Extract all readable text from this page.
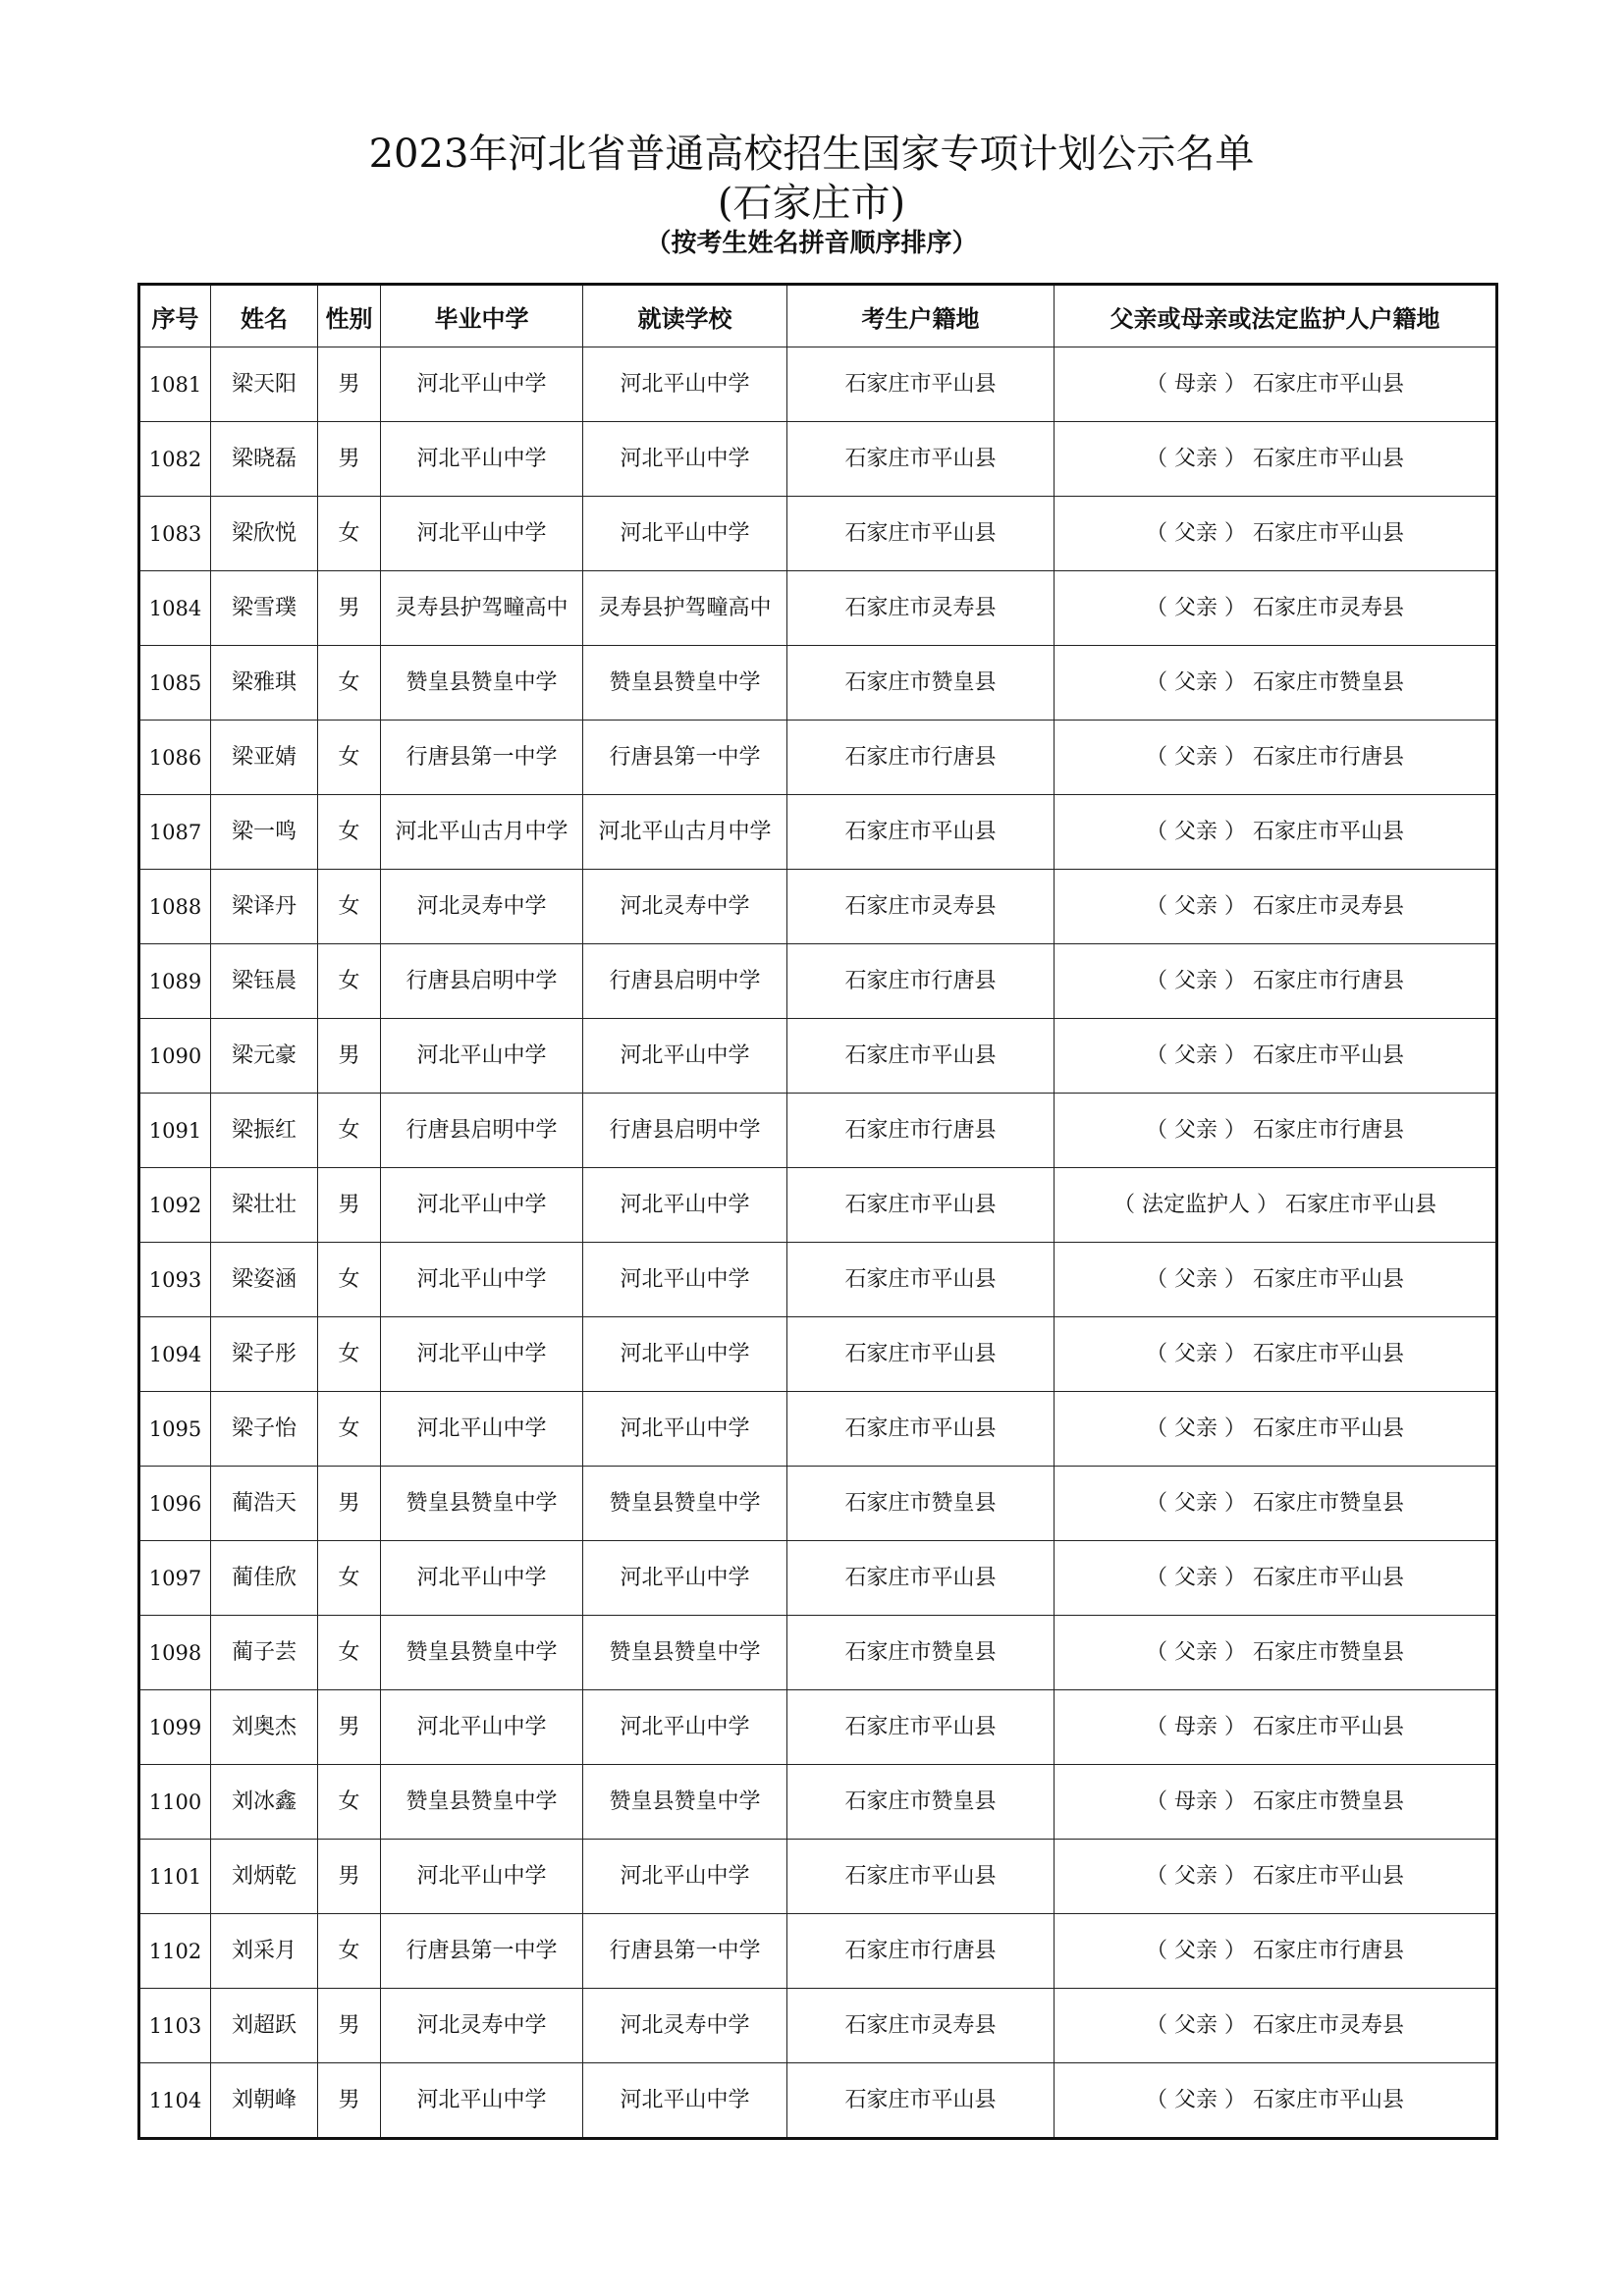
2023年河北省普通高校招生国家专项计划公示名单
(石家庄市)
（按考生姓名拼音顺序排序）
序号	姓名	性别	毕业中学	就读学校	考生户籍地	父亲或母亲或法定监护人户籍地
1081	梁天阳	男	河北平山中学	河北平山中学	石家庄市平山县	（ 母亲 ） 石家庄市平山县
1082	梁晓磊	男	河北平山中学	河北平山中学	石家庄市平山县	（ 父亲 ） 石家庄市平山县
1083	梁欣悦	女	河北平山中学	河北平山中学	石家庄市平山县	（ 父亲 ） 石家庄市平山县
1084	梁雪璞	男	灵寿县护驾疃高中	灵寿县护驾疃高中	石家庄市灵寿县	（ 父亲 ） 石家庄市灵寿县
1085	梁雅琪	女	赞皇县赞皇中学	赞皇县赞皇中学	石家庄市赞皇县	（ 父亲 ） 石家庄市赞皇县
1086	梁亚婧	女	行唐县第一中学	行唐县第一中学	石家庄市行唐县	（ 父亲 ） 石家庄市行唐县
1087	梁一鸣	女	河北平山古月中学	河北平山古月中学	石家庄市平山县	（ 父亲 ） 石家庄市平山县
1088	梁译丹	女	河北灵寿中学	河北灵寿中学	石家庄市灵寿县	（ 父亲 ） 石家庄市灵寿县
1089	梁钰晨	女	行唐县启明中学	行唐县启明中学	石家庄市行唐县	（ 父亲 ） 石家庄市行唐县
1090	梁元豪	男	河北平山中学	河北平山中学	石家庄市平山县	（ 父亲 ） 石家庄市平山县
1091	梁振红	女	行唐县启明中学	行唐县启明中学	石家庄市行唐县	（ 父亲 ） 石家庄市行唐县
1092	梁壮壮	男	河北平山中学	河北平山中学	石家庄市平山县	（ 法定监护人 ） 石家庄市平山县
1093	梁姿涵	女	河北平山中学	河北平山中学	石家庄市平山县	（ 父亲 ） 石家庄市平山县
1094	梁子彤	女	河北平山中学	河北平山中学	石家庄市平山县	（ 父亲 ） 石家庄市平山县
1095	梁子怡	女	河北平山中学	河北平山中学	石家庄市平山县	（ 父亲 ） 石家庄市平山县
1096	蔺浩天	男	赞皇县赞皇中学	赞皇县赞皇中学	石家庄市赞皇县	（ 父亲 ） 石家庄市赞皇县
1097	蔺佳欣	女	河北平山中学	河北平山中学	石家庄市平山县	（ 父亲 ） 石家庄市平山县
1098	蔺子芸	女	赞皇县赞皇中学	赞皇县赞皇中学	石家庄市赞皇县	（ 父亲 ） 石家庄市赞皇县
1099	刘奥杰	男	河北平山中学	河北平山中学	石家庄市平山县	（ 母亲 ） 石家庄市平山县
1100	刘冰鑫	女	赞皇县赞皇中学	赞皇县赞皇中学	石家庄市赞皇县	（ 母亲 ） 石家庄市赞皇县
1101	刘炳乾	男	河北平山中学	河北平山中学	石家庄市平山县	（ 父亲 ） 石家庄市平山县
1102	刘采月	女	行唐县第一中学	行唐县第一中学	石家庄市行唐县	（ 父亲 ） 石家庄市行唐县
1103	刘超跃	男	河北灵寿中学	河北灵寿中学	石家庄市灵寿县	（ 父亲 ） 石家庄市灵寿县
1104	刘朝峰	男	河北平山中学	河北平山中学	石家庄市平山县	（ 父亲 ） 石家庄市平山县
